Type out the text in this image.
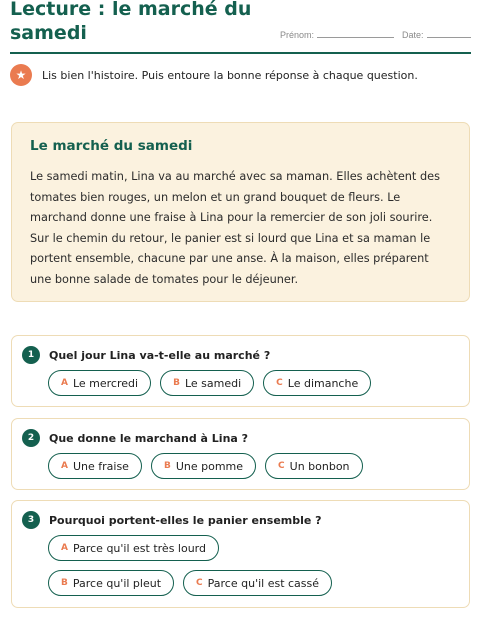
Lecture : le marché du samedi	Prénom:	Date:
★	Lis bien l'histoire. Puis entoure la bonne réponse à chaque question.
Le marché du samedi
Le samedi matin, Lina va au marché avec sa maman. Elles achètent des tomates bien rouges, un melon et un grand bouquet de fleurs. Le marchand donne une fraise à Lina pour la remercier de son joli sourire. Sur le chemin du retour, le panier est si lourd que Lina et sa maman le portent ensemble, chacune par une anse. À la maison, elles préparent une bonne salade de tomates pour le déjeuner.
1	Quel jour Lina va-t-elle au marché ?
A Le mercredi	B Le samedi	C Le dimanche
2	Que donne le marchand à Lina ?
A Une fraise	B Une pomme	C Un bonbon
3	Pourquoi portent-elles le panier ensemble ?
A Parce qu'il est très lourd
B Parce qu'il pleut	C Parce qu'il est cassé
